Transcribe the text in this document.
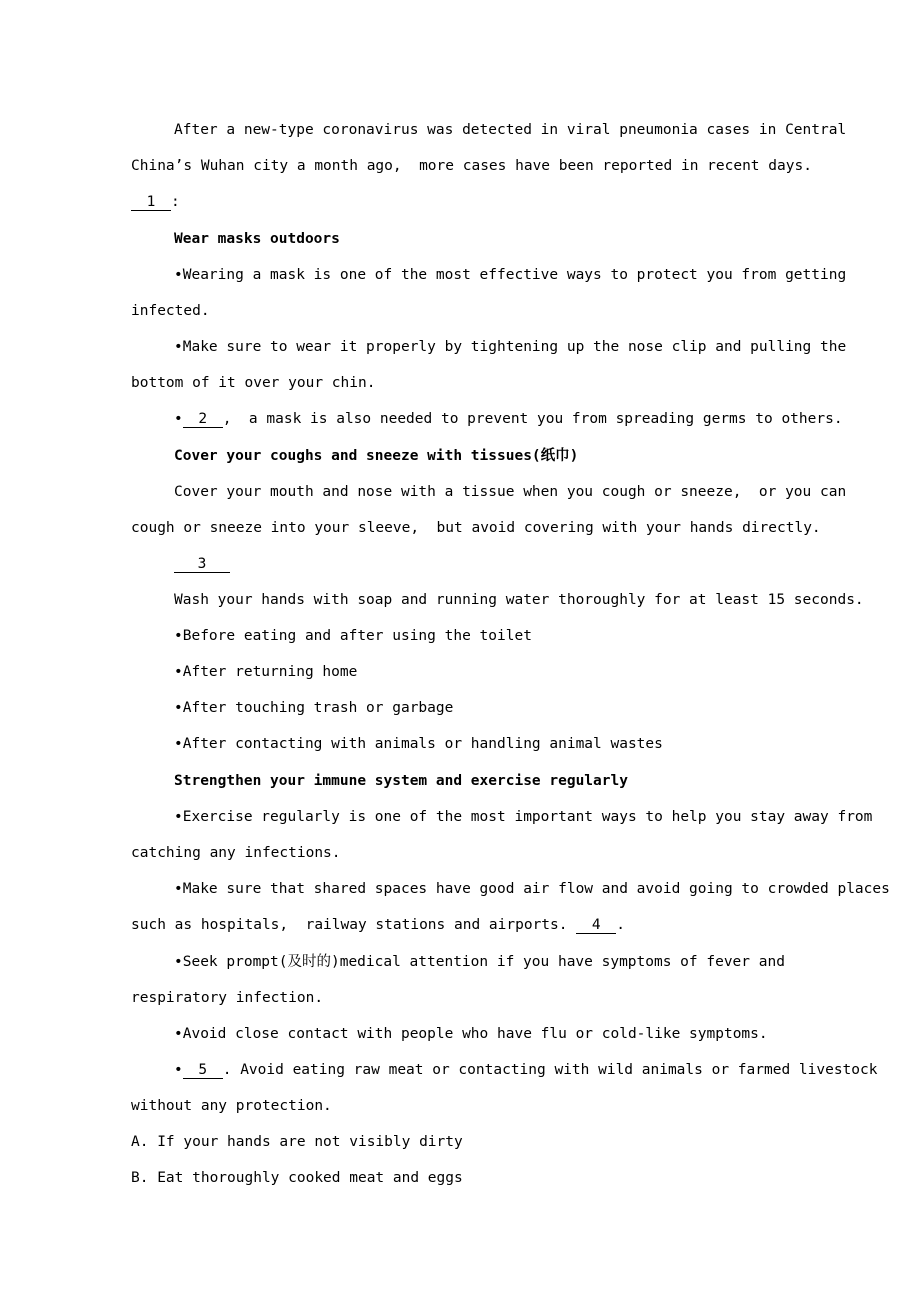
After a new-type coronavirus was detected in viral pneumonia cases in Central
China’s Wuhan city a month ago,  more cases have been reported in recent days.
1 :
Wear masks outdoors
•Wearing a mask is one of the most effective ways to protect you from getting
infected.
•Make sure to wear it properly by tightening up the nose clip and pulling the
bottom of it over your chin.
• 2 ,  a mask is also needed to prevent you from spreading germs to others.
Cover your coughs and sneeze with tissues(纸巾)
Cover your mouth and nose with a tissue when you cough or sneeze,  or you can
cough or sneeze into your sleeve,  but avoid covering with your hands directly.
3
Wash your hands with soap and running water thoroughly for at least 15 seconds.
•Before eating and after using the toilet
•After returning home
•After touching trash or garbage
•After contacting with animals or handling animal wastes
Strengthen your immune system and exercise regularly
•Exercise regularly is one of the most important ways to help you stay away from
catching any infections.
•Make sure that shared spaces have good air flow and avoid going to crowded places
such as hospitals,  railway stations and airports. 4 .
•Seek prompt(及时的)medical attention if you have symptoms of fever and
respiratory infection.
•Avoid close contact with people who have flu or cold-like symptoms.
• 5 . Avoid eating raw meat or contacting with wild animals or farmed livestock
without any protection.
A. If your hands are not visibly dirty
B. Eat thoroughly cooked meat and eggs
